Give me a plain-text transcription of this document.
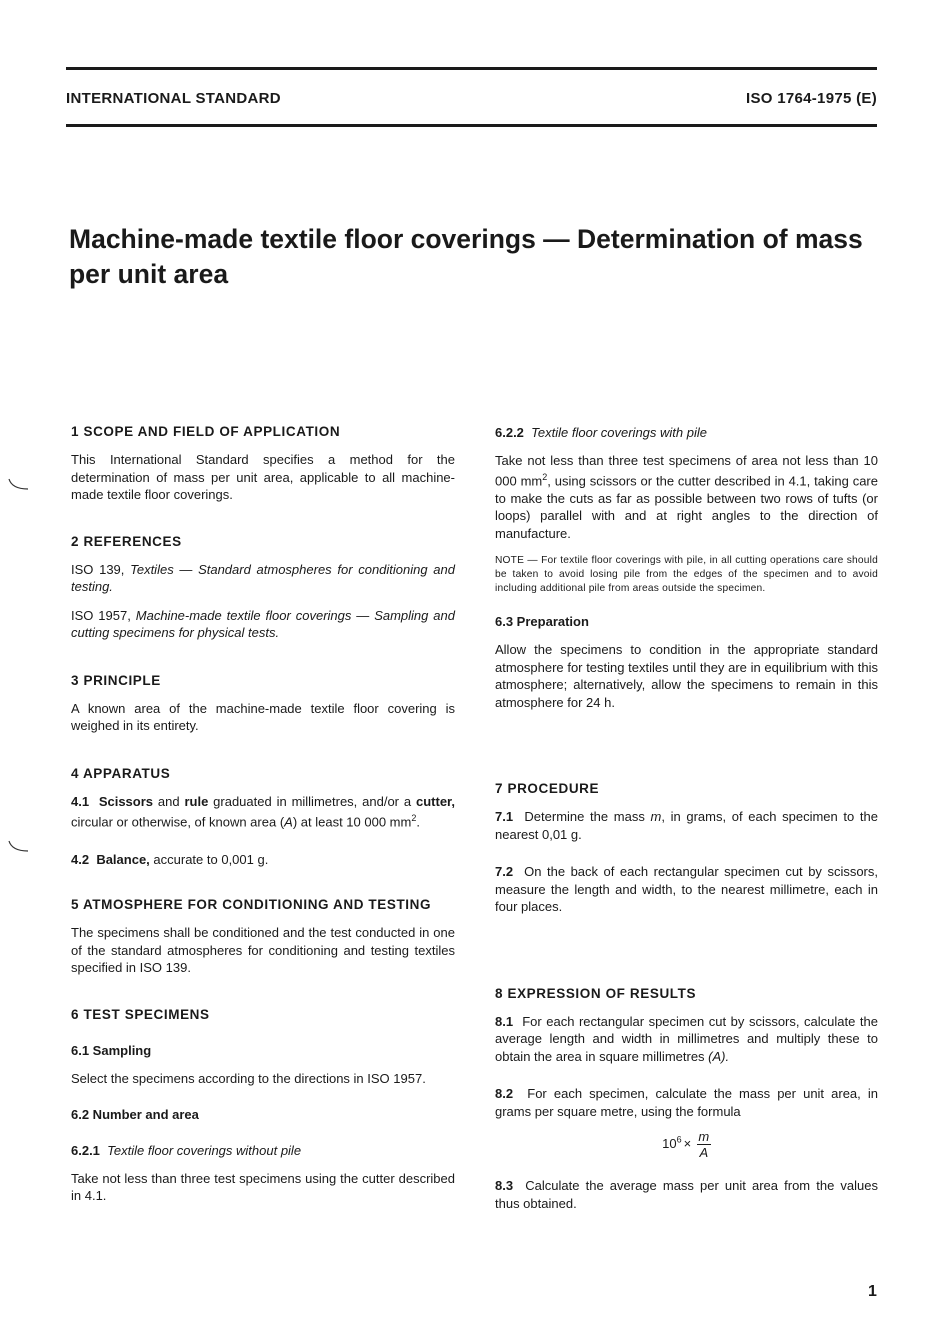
INTERNATIONAL STANDARD	ISO 1764-1975 (E)
Machine-made textile floor coverings — Determination of mass per unit area
1 SCOPE AND FIELD OF APPLICATION

This International Standard specifies a method for the determination of mass per unit area, applicable to all machine-made textile floor coverings.

2 REFERENCES

ISO 139, Textiles — Standard atmospheres for conditioning and testing.

ISO 1957, Machine-made textile floor coverings — Sampling and cutting specimens for physical tests.

3 PRINCIPLE

A known area of the machine-made textile floor covering is weighed in its entirety.

4 APPARATUS

4.1 Scissors and rule graduated in millimetres, and/or a cutter, circular or otherwise, of known area (A) at least 10 000 $mm^2$.

4.2 Balance, accurate to 0,001 g.

5 ATMOSPHERE FOR CONDITIONING AND TESTING

The specimens shall be conditioned and the test conducted in one of the standard atmospheres for conditioning and testing textiles specified in ISO 139.

6 TEST SPECIMENS
6.1 Sampling

Select the specimens according to the directions in ISO 1957.

6.2 Number and area

6.2.1 Textile floor coverings without pile

Take not less than three test specimens using the cutter described in 4.1.

6.2.2 Textile floor coverings with pile

Take not less than three test specimens of area not less than 10 000 $mm^2$, using scissors or the cutter described in 4.1, taking care to make the cuts as far as possible between two rows of tufts (or loops) parallel with and at right angles to the direction of manufacture.

NOTE — For textile floor coverings with pile, in all cutting operations care should be taken to avoid losing pile from the edges of the specimen and to avoid including additional pile from areas outside the specimen.

6.3 Preparation

Allow the specimens to condition in the appropriate standard atmosphere for testing textiles until they are in equilibrium with this atmosphere; alternatively, allow the specimens to remain in this atmosphere for 24 h.

7 PROCEDURE

7.1 Determine the mass m, in grams, of each specimen to the nearest 0,01 g.

7.2 On the back of each rectangular specimen cut by scissors, measure the length and width, to the nearest millimetre, each in four places.

8 EXPRESSION OF RESULTS

8.1 For each rectangular specimen cut by scissors, calculate the average length and width in millimetres and multiply these to obtain the area in square millimetres (A).

8.2 For each specimen, calculate the mass per unit area, in grams per square metre, using the formula

$10^6 \times \frac{m}{A}$

8.3 Calculate the average mass per unit area from the values thus obtained.

1
